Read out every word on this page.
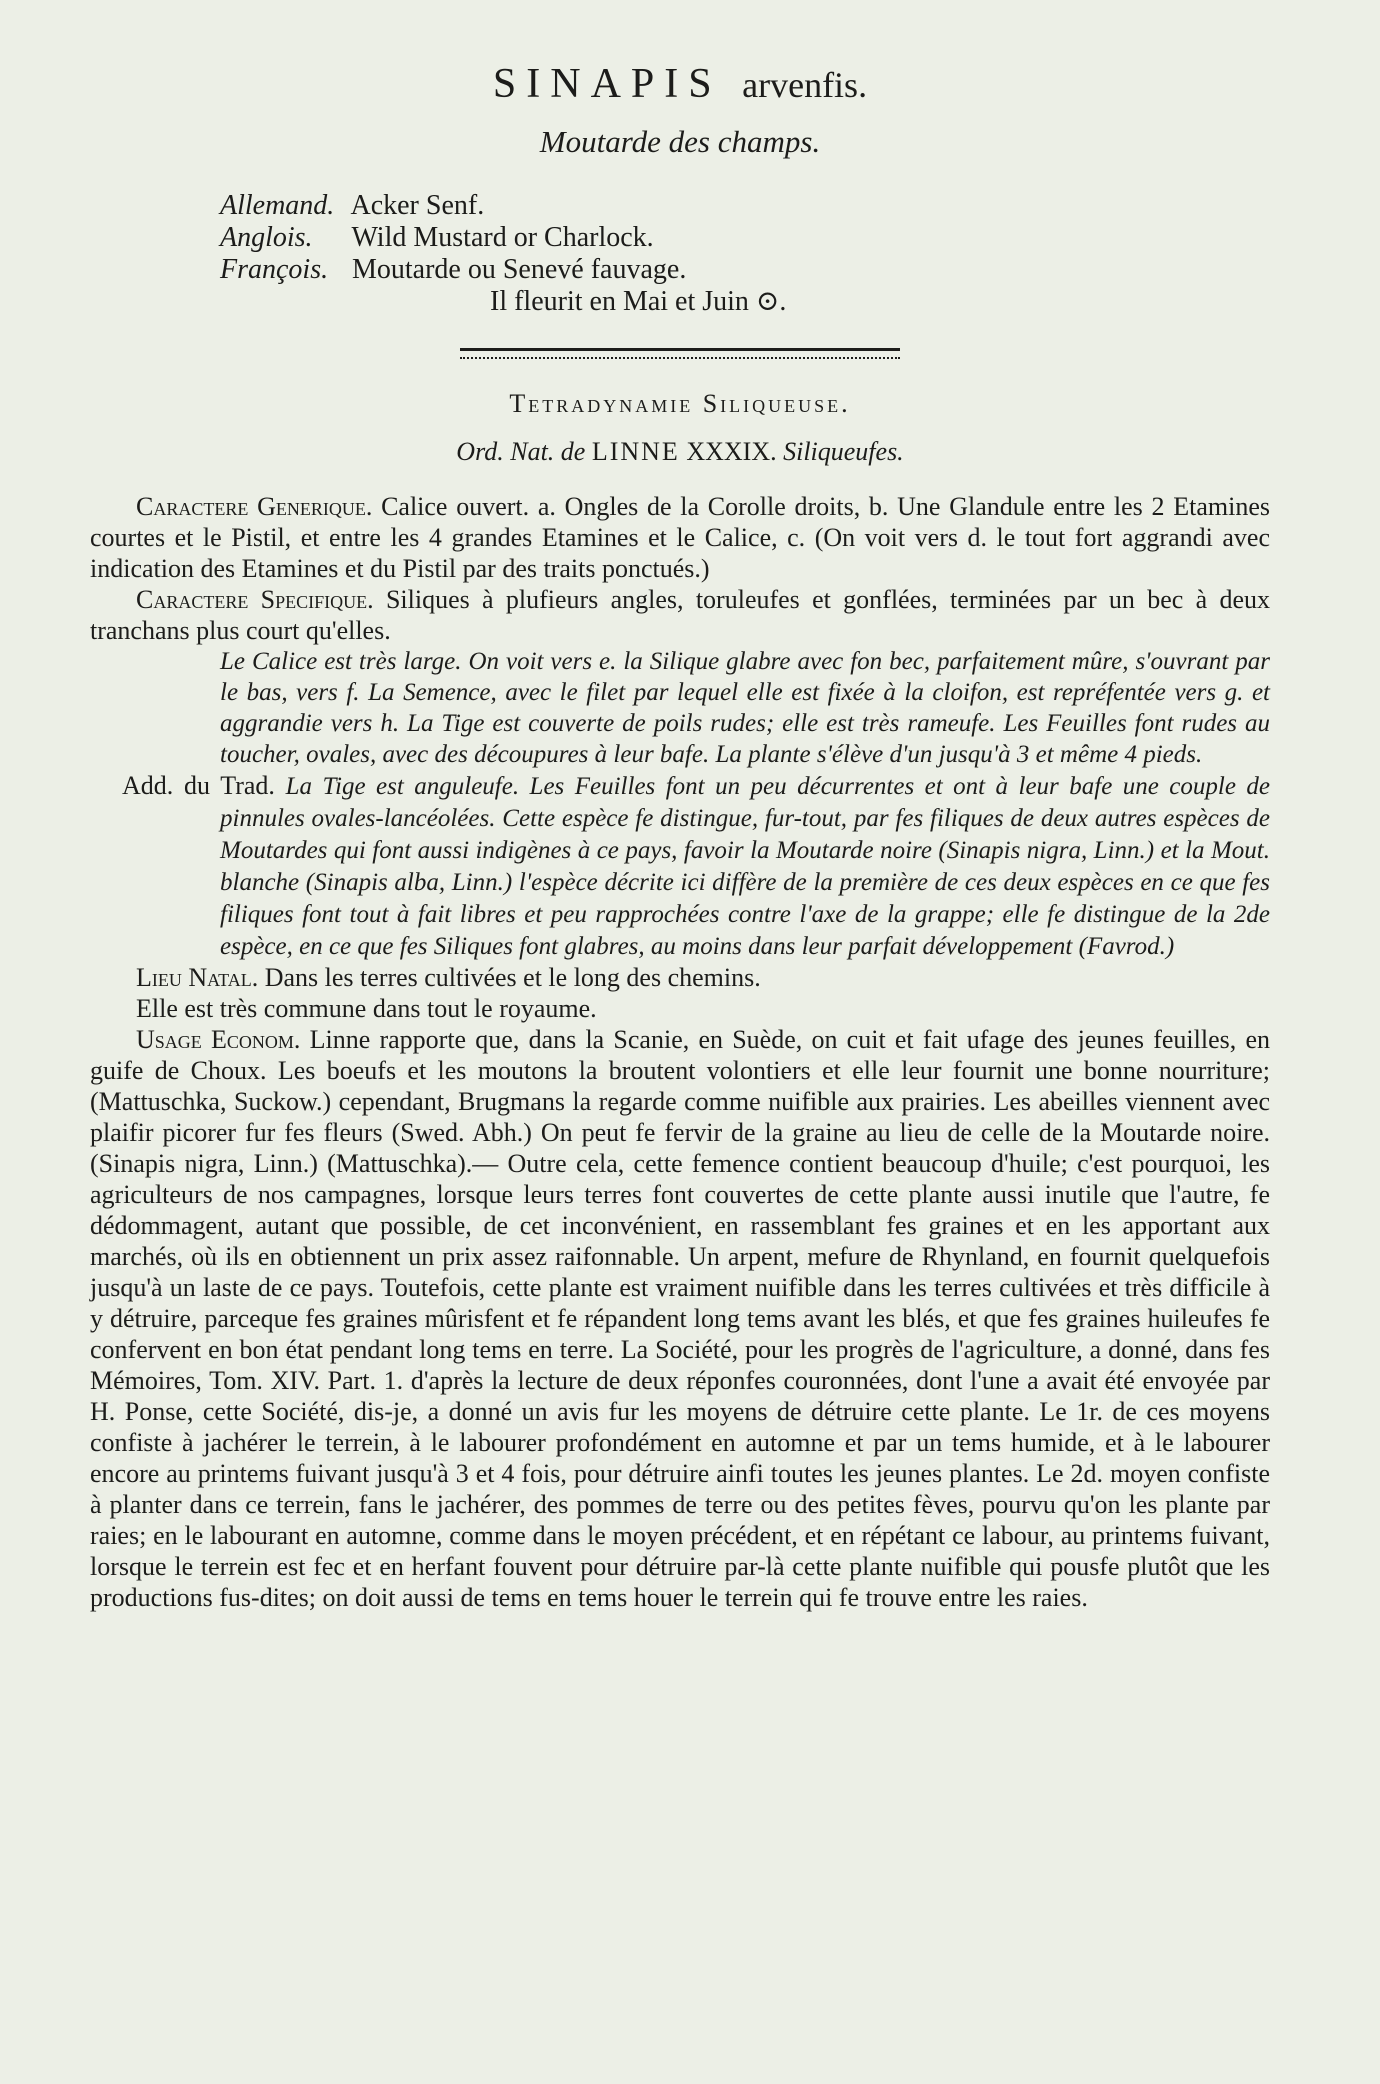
SINAPIS arvenfis.
Moutarde des champs.
Allemand. Acker Senf.
Anglois. Wild Mustard or Charlock.
François. Moutarde ou Senevé fauvage.
Il fleurit en Mai et Juin ⊙.
Tetradynamie Siliqueuse.
Ord. Nat. de LINNE XXXIX. Siliqueufes.

Caractere Generique. Calice ouvert. a. Ongles de la Corolle droits, b. Une Glandule entre les 2 Etamines courtes et le Pistil, et entre les 4 grandes Etamines et le Calice, c. (On voit vers d. le tout fort aggrandi avec indication des Etamines et du Pistil par des traits ponctués.)

Caractere Specifique. Siliques à plufieurs angles, toruleufes et gonflées, terminées par un bec à deux tranchans plus court qu'elles.

Le Calice est très large. On voit vers e. la Silique glabre avec fon bec, parfaitement mûre, s'ouvrant par le bas, vers f. La Semence, avec le filet par lequel elle est fixée à la cloifon, est repréfentée vers g. et aggrandie vers h. La Tige est couverte de poils rudes; elle est très rameufe. Les Feuilles font rudes au toucher, ovales, avec des découpures à leur bafe. La plante s'élève d'un jusqu'à 3 et même 4 pieds.

Add. du Trad. La Tige est anguleufe. Les Feuilles font un peu décurrentes et ont à leur bafe une couple de pinnules ovales-lancéolées. Cette espèce fe distingue, fur-tout, par fes filiques de deux autres espèces de Moutardes qui font aussi indigènes à ce pays, favoir la Moutarde noire (Sinapis nigra, Linn.) et la Mout. blanche (Sinapis alba, Linn.) l'espèce décrite ici diffère de la première de ces deux espèces en ce que fes filiques font tout à fait libres et peu rapprochées contre l'axe de la grappe; elle fe distingue de la 2de espèce, en ce que fes Siliques font glabres, au moins dans leur parfait développement (Favrod.)

Lieu Natal. Dans les terres cultivées et le long des chemins.

Elle est très commune dans tout le royaume.

Usage Econom. Linne rapporte que, dans la Scanie, en Suède, on cuit et fait ufage des jeunes feuilles, en guife de Choux. Les boeufs et les moutons la broutent volontiers et elle leur fournit une bonne nourriture; (Mattuschka, Suckow.) cependant, Brugmans la regarde comme nuifible aux prairies. Les abeilles viennent avec plaifir picorer fur fes fleurs (Swed. Abh.) On peut fe fervir de la graine au lieu de celle de la Moutarde noire. (Sinapis nigra, Linn.) (Mattuschka).— Outre cela, cette femence contient beaucoup d'huile; c'est pourquoi, les agriculteurs de nos campagnes, lorsque leurs terres font couvertes de cette plante aussi inutile que l'autre, fe dédommagent, autant que possible, de cet inconvénient, en rassemblant fes graines et en les apportant aux marchés, où ils en obtiennent un prix assez raifonnable. Un arpent, mefure de Rhynland, en fournit quelquefois jusqu'à un laste de ce pays. Toutefois, cette plante est vraiment nuifible dans les terres cultivées et très difficile à y détruire, parceque fes graines mûrisfent et fe répandent long tems avant les blés, et que fes graines huileufes fe confervent en bon état pendant long tems en terre. La Société, pour les progrès de l'agriculture, a donné, dans fes Mémoires, Tom. XIV. Part. 1. d'après la lecture de deux réponfes couronnées, dont l'une a avait été envoyée par H. Ponse, cette Société, dis-je, a donné un avis fur les moyens de détruire cette plante. Le 1r. de ces moyens confiste à jachérer le terrein, à le labourer profondément en automne et par un tems humide, et à le labourer encore au printems fuivant jusqu'à 3 et 4 fois, pour détruire ainfi toutes les jeunes plantes. Le 2d. moyen confiste à planter dans ce terrein, fans le jachérer, des pommes de terre ou des petites fèves, pourvu qu'on les plante par raies; en le labourant en automne, comme dans le moyen précédent, et en répétant ce labour, au printems fuivant, lorsque le terrein est fec et en herfant fouvent pour détruire par-là cette plante nuifible qui pousfe plutôt que les productions fus-dites; on doit aussi de tems en tems houer le terrein qui fe trouve entre les raies.
